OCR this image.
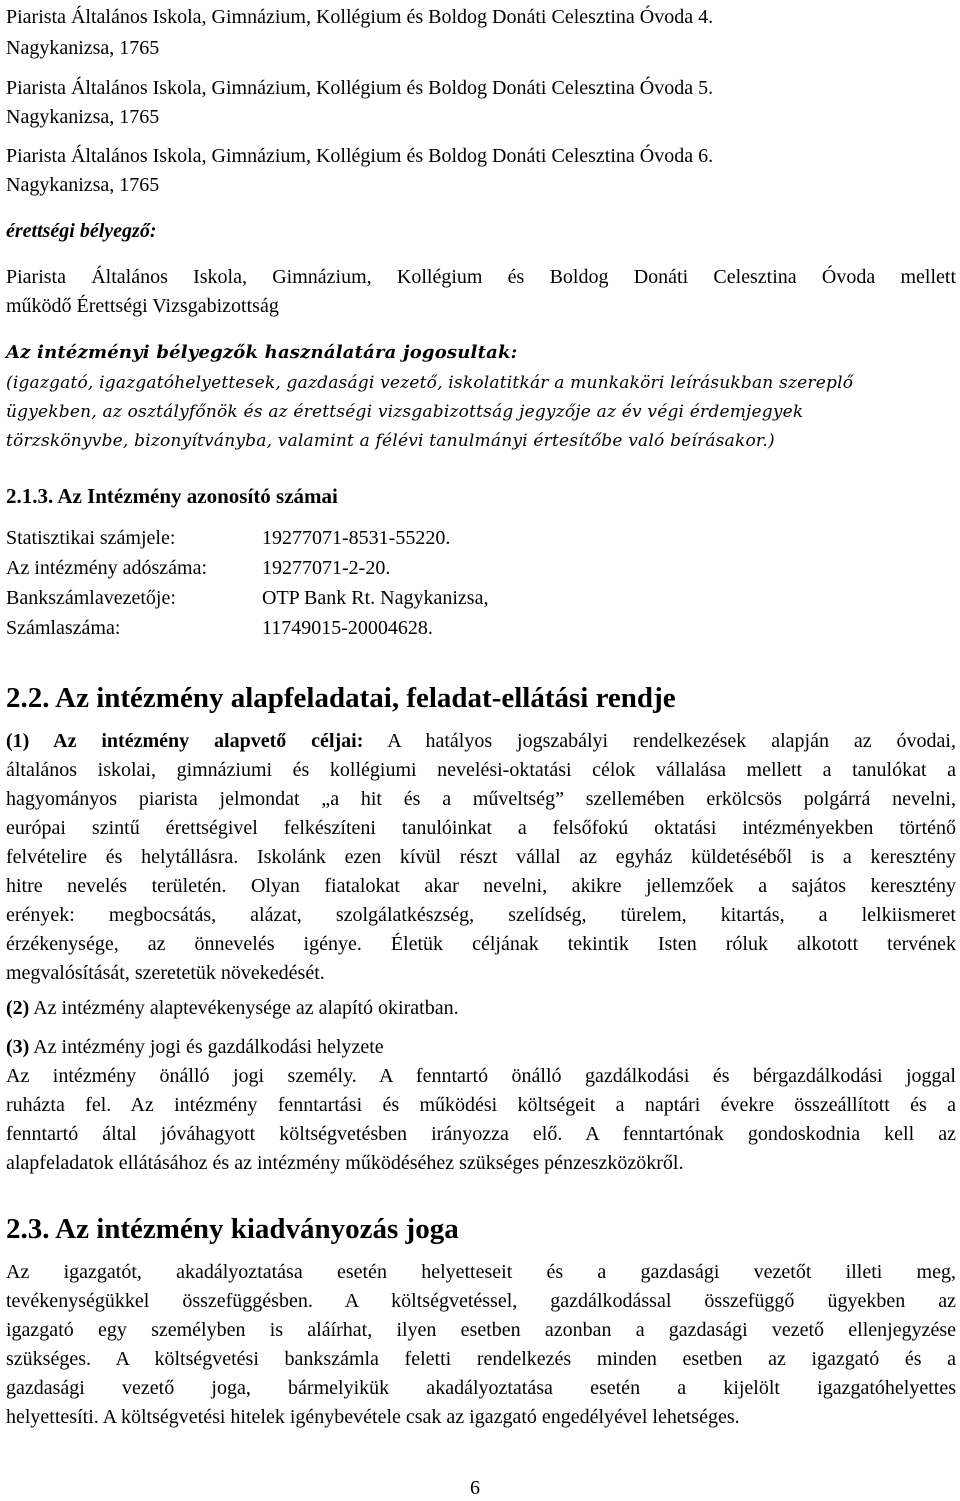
Piarista Általános Iskola, Gimnázium, Kollégium és Boldog Donáti Celesztina Óvoda 4.
Nagykanizsa, 1765
Piarista Általános Iskola, Gimnázium, Kollégium és Boldog Donáti Celesztina Óvoda 5.
Nagykanizsa, 1765
Piarista Általános Iskola, Gimnázium, Kollégium és Boldog Donáti Celesztina Óvoda 6.
Nagykanizsa, 1765
érettségi bélyegző:
Piarista Általános Iskola, Gimnázium, Kollégium és Boldog Donáti Celesztina Óvoda mellett
működő Érettségi Vizsgabizottság
Az intézményi bélyegzők használatára jogosultak:
(igazgató, igazgatóhelyettesek, gazdasági vezető, iskolatitkár a munkaköri leírásukban szereplő
ügyekben, az osztályfőnök és az érettségi vizsgabizottság jegyzője az év végi érdemjegyek
törzskönyvbe, bizonyítványba, valamint a félévi tanulmányi értesítőbe való beírásakor.)
2.1.3. Az Intézmény azonosító számai
Statisztikai számjele:	19277071-8531-55220.
Az intézmény adószáma:	19277071-2-20.
Bankszámlavezetője:	OTP Bank Rt. Nagykanizsa,
Számlaszáma:	11749015-20004628.
2.2. Az intézmény alapfeladatai, feladat-ellátási rendje
(1) Az intézmény alapvető céljai: A hatályos jogszabályi rendelkezések alapján az óvodai,
általános iskolai, gimnáziumi és kollégiumi nevelési-oktatási célok vállalása mellett a tanulókat a
hagyományos piarista jelmondat „a hit és a műveltség” szellemében erkölcsös polgárrá nevelni,
európai szintű érettségivel felkészíteni tanulóinkat a felsőfokú oktatási intézményekben történő
felvételire és helytállásra. Iskolánk ezen kívül részt vállal az egyház küldetéséből is a keresztény
hitre nevelés területén. Olyan fiatalokat akar nevelni, akikre jellemzőek a sajátos keresztény
erények: megbocsátás, alázat, szolgálatkészség, szelídség, türelem, kitartás, a lelkiismeret
érzékenysége, az önnevelés igénye. Életük céljának tekintik Isten róluk alkotott tervének
megvalósítását, szeretetük növekedését.
(2) Az intézmény alaptevékenysége az alapító okiratban.
(3) Az intézmény jogi és gazdálkodási helyzete
Az intézmény önálló jogi személy. A fenntartó önálló gazdálkodási és bérgazdálkodási joggal
ruházta fel. Az intézmény fenntartási és működési költségeit a naptári évekre összeállított és a
fenntartó által jóváhagyott költségvetésben irányozza elő. A fenntartónak gondoskodnia kell az
alapfeladatok ellátásához és az intézmény működéséhez szükséges pénzeszközökről.
2.3. Az intézmény kiadványozás joga
Az igazgatót, akadályoztatása esetén helyetteseit és a gazdasági vezetőt illeti meg,
tevékenységükkel összefüggésben. A költségvetéssel, gazdálkodással összefüggő ügyekben az
igazgató egy személyben is aláírhat, ilyen esetben azonban a gazdasági vezető ellenjegyzése
szükséges. A költségvetési bankszámla feletti rendelkezés minden esetben az igazgató és a
gazdasági vezető joga, bármelyikük akadályoztatása esetén a kijelölt igazgatóhelyettes
helyettesíti. A költségvetési hitelek igénybevétele csak az igazgató engedélyével lehetséges.
6
